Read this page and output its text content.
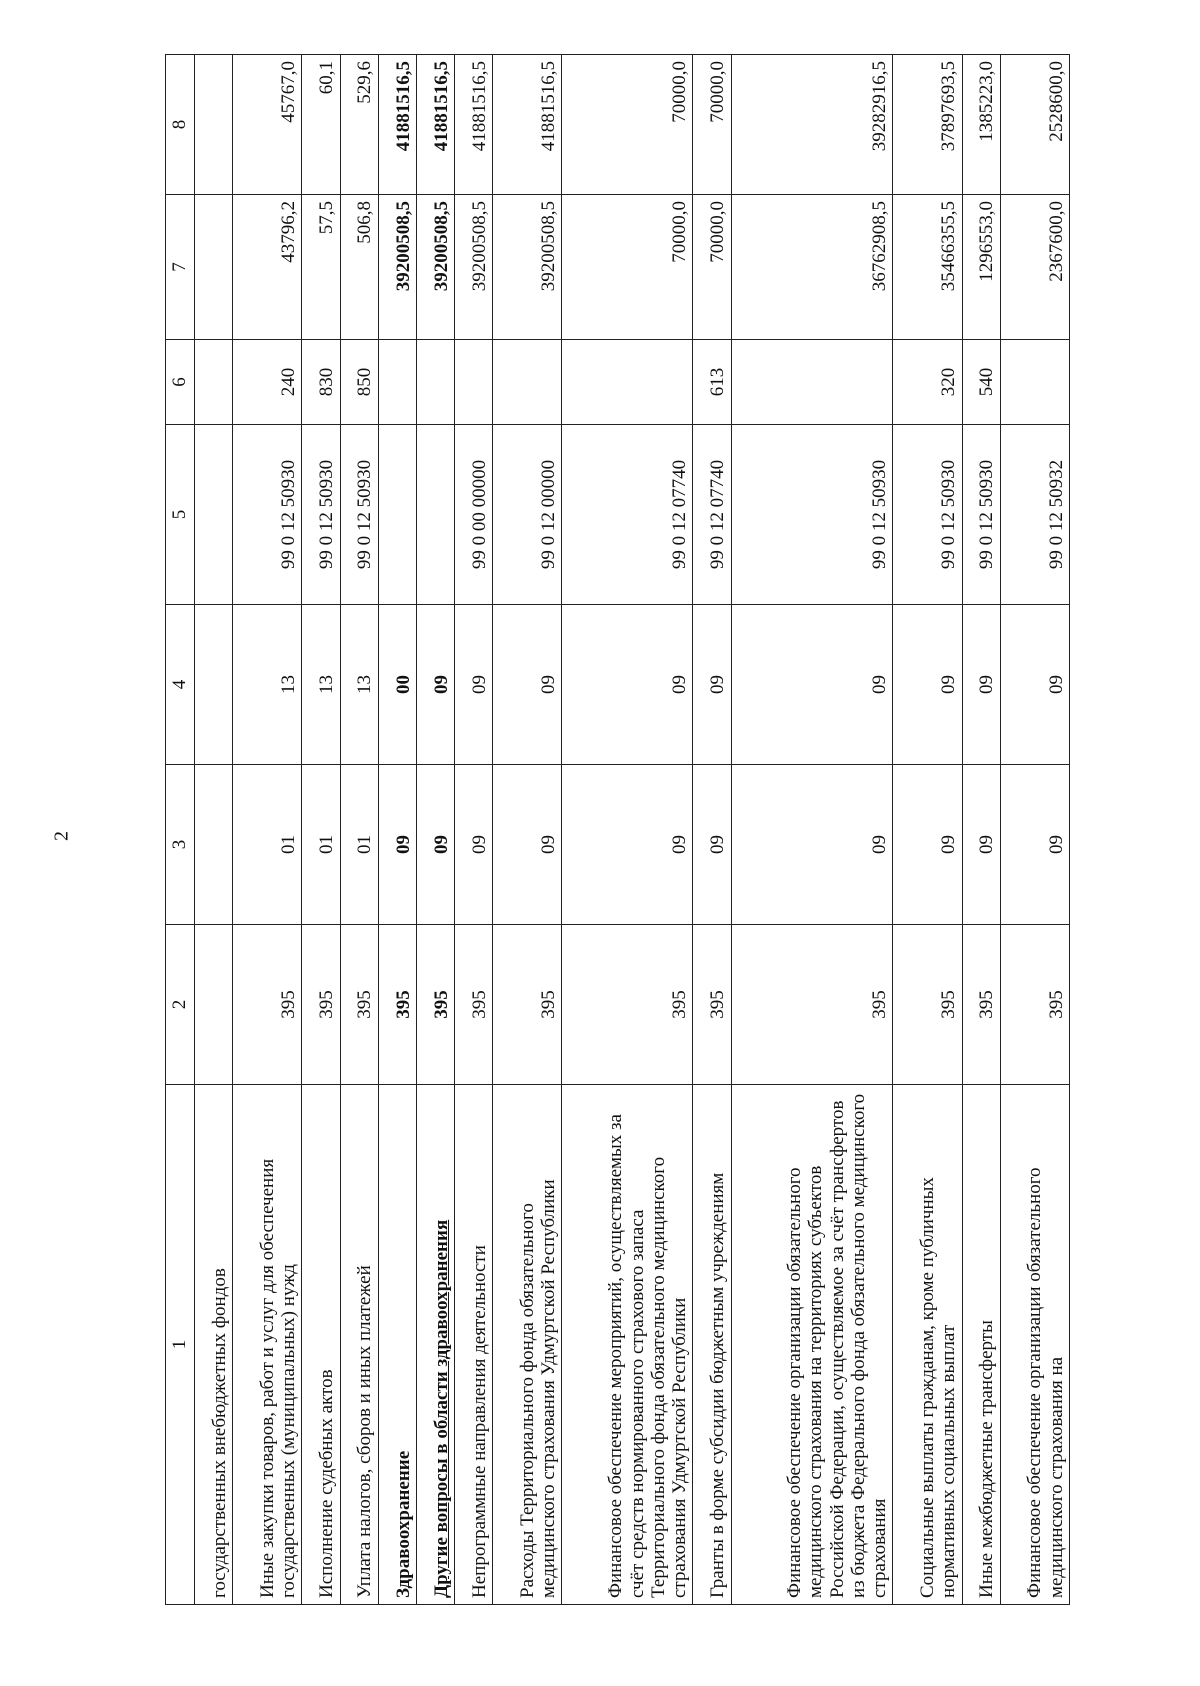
2
1	2	3	4	5	6	7	8
государственных внебюджетных фондов							
Иные закупки товаров, работ и услуг для обеспечения государственных (муниципальных) нужд	395	01	13	99 0 12 50930	240	43796,2	45767,0
Исполнение судебных актов	395	01	13	99 0 12 50930	830	57,5	60,1
Уплата налогов, сборов и иных платежей	395	01	13	99 0 12 50930	850	506,8	529,6
Здравоохранение	395	09	00			39200508,5	41881516,5
Другие вопросы в области здравоохранения	395	09	09			39200508,5	41881516,5
Непрограммные направления деятельности	395	09	09	99 0 00 00000		39200508,5	41881516,5
Расходы Территориального фонда обязательного медицинского страхования Удмуртской Республики	395	09	09	99 0 12 00000		39200508,5	41881516,5
Финансовое обеспечение мероприятий, осуществляемых за счёт средств нормированного страхового запаса Территориального фонда обязательного медицинского страхования Удмуртской Республики	395	09	09	99 0 12 07740		70000,0	70000,0
Гранты в форме субсидии бюджетным учреждениям	395	09	09	99 0 12 07740	613	70000,0	70000,0
Финансовое обеспечение организации обязательного медицинского страхования на территориях субъектов Российской Федерации, осуществляемое за счёт трансфертов из бюджета Федерального фонда обязательного медицинского страхования	395	09	09	99 0 12 50930		36762908,5	39282916,5
Социальные выплаты гражданам, кроме публичных нормативных социальных выплат	395	09	09	99 0 12 50930	320	35466355,5	37897693,5
Иные межбюджетные трансферты	395	09	09	99 0 12 50930	540	1296553,0	1385223,0
Финансовое обеспечение организации обязательного медицинского страхования на	395	09	09	99 0 12 50932		2367600,0	2528600,0
